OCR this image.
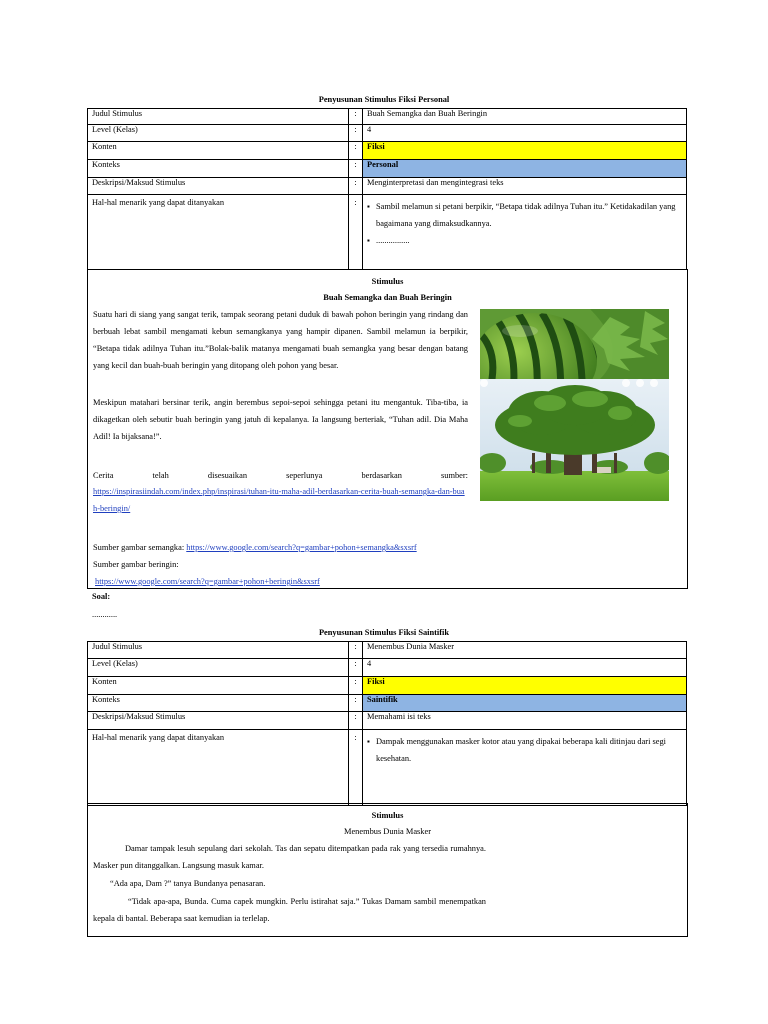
Penyusunan Stimulus Fiksi Personal
Judul Stimulus	:	Buah Semangka dan Buah Beringin
Level (Kelas)	:	4
Konten	:	Fiksi
Konteks	:	Personal
Deskripsi/Maksud Stimulus	:	Menginterpretasi dan mengintegrasi teks
Hal-hal menarik yang dapat ditanyakan	:	▪ Sambil melamun si petani berpikir, “Betapa tidak adilnya Tuhan itu.” Ketidakadilan yang bagaimana yang dimaksudkannya.
▪ ................
Stimulus
Buah Semangka dan Buah Beringin
Suatu hari di siang yang sangat terik, tampak seorang petani duduk di bawah pohon beringin yang rindang dan berbuah lebat sambil mengamati kebun semangkanya yang hampir dipanen. Sambil melamun ia berpikir, “Betapa tidak adilnya Tuhan itu.”Bolak-balik matanya mengamati buah semangka yang besar dengan batang yang kecil dan buah-buah beringin yang ditopang oleh pohon yang besar.
Meskipun matahari bersinar terik, angin berembus sepoi-sepoi sehingga petani itu mengantuk. Tiba-tiba, ia dikagetkan oleh sebutir buah beringin yang jatuh di kepalanya. Ia langsung berteriak, “Tuhan adil. Dia Maha Adil! Ia bijaksana!”.
Cerita telah disesuaikan seperlunya berdasarkan sumber:
https://inspirasiindah.com/index.php/inspirasi/tuhan-itu-maha-adil-berdasarkan-cerita-buah-semangka-dan-buah-beringin/
Sumber gambar semangka: https://www.google.com/search?q=gambar+pohon+semangka&sxsrf
Sumber gambar beringin:
https://www.google.com/search?q=gambar+pohon+beringin&sxsrf
Soal:
............
Penyusunan Stimulus Fiksi Saintifik
Judul Stimulus	:	Menembus Dunia Masker
Level (Kelas)	:	4
Konten	:	Fiksi
Konteks	:	Saintifik
Deskripsi/Maksud Stimulus	:	Memahami isi teks
Hal-hal menarik yang dapat ditanyakan	:	▪ Dampak menggunakan masker kotor atau yang dipakai beberapa kali ditinjau dari segi kesehatan.
Stimulus
Menembus Dunia Masker
Damar tampak lesuh sepulang dari sekolah. Tas dan sepatu ditempatkan pada rak yang tersedia rumahnya. Masker pun ditanggalkan. Langsung masuk kamar.
“Ada apa, Dam ?” tanya Bundanya penasaran.
“Tidak apa-apa, Bunda. Cuma capek mungkin. Perlu istirahat saja.” Tukas Damam sambil menempatkan kepala di bantal. Beberapa saat kemudian ia terlelap.
